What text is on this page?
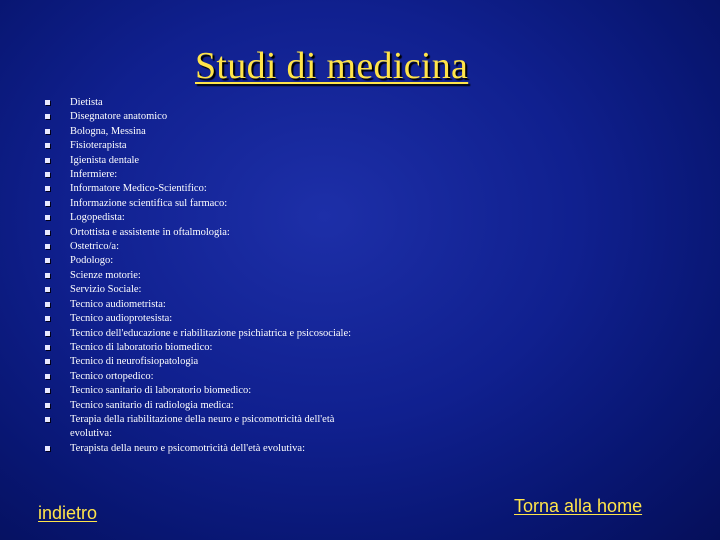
Studi di medicina
Dietista
Disegnatore anatomico
Bologna, Messina
Fisioterapista
Igienista dentale
Infermiere:
Informatore Medico-Scientifico:
Informazione scientifica sul farmaco:
Logopedista:
Ortottista e assistente in oftalmologia:
Ostetrico/a:
Podologo:
Scienze motorie:
Servizio Sociale:
Tecnico audiometrista:
Tecnico audioprotesista:
Tecnico dell'educazione e riabilitazione psichiatrica e psicosociale:
Tecnico di laboratorio biomedico:
Tecnico di neurofisiopatologia
Tecnico ortopedico:
Tecnico sanitario di laboratorio biomedico:
Tecnico sanitario di radiologia medica:
Terapia della riabilitazione della neuro e psicomotricità dell'età evolutiva:
Terapista della neuro e psicomotricità dell'età evolutiva:
indietro	Torna alla home
